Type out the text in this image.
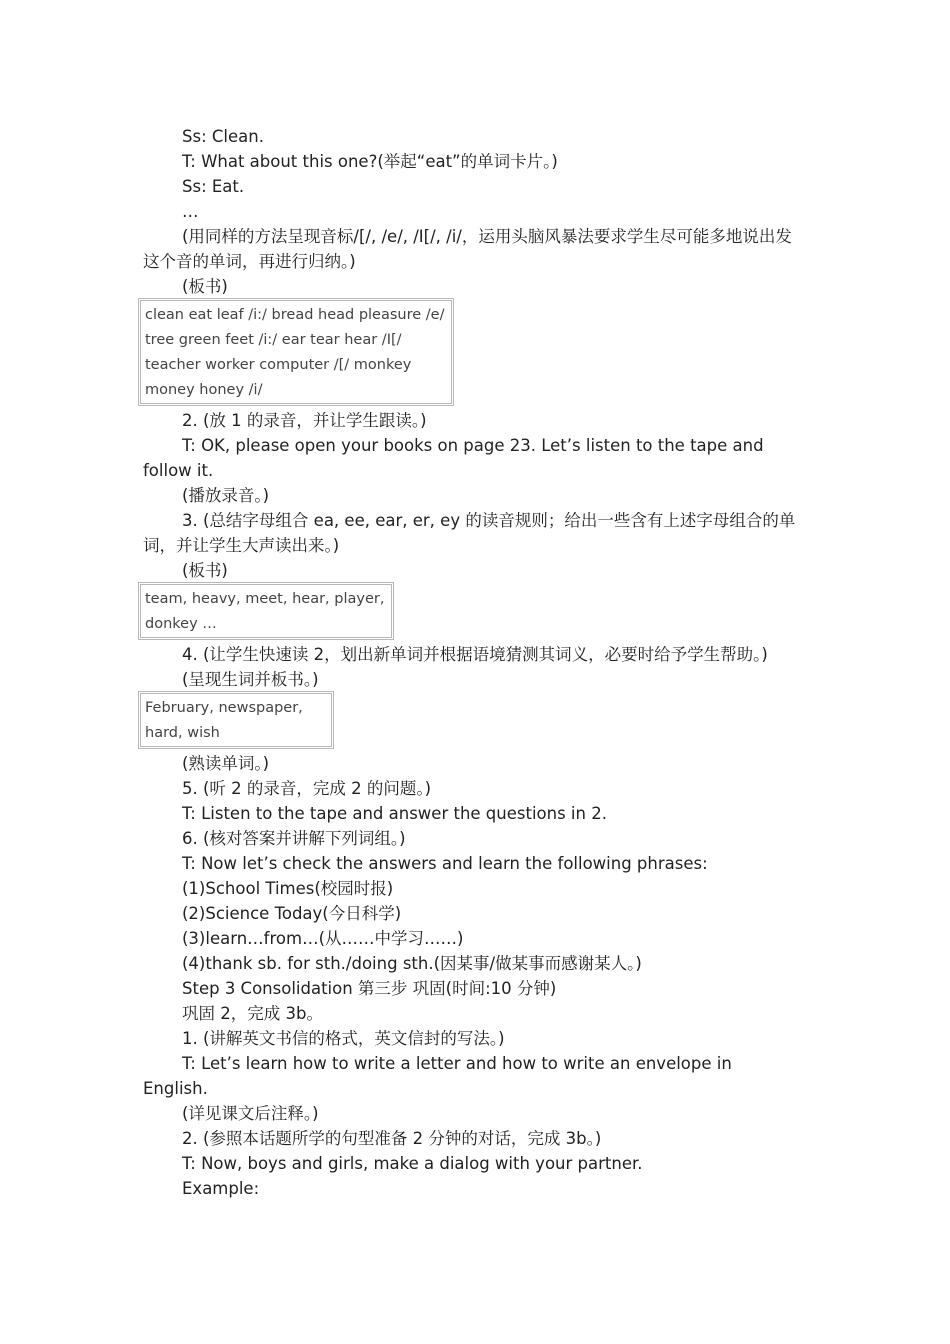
Ss: Clean.
T: What about this one?(举起“eat”的单词卡片。)
Ss: Eat.
…
(用同样的方法呈现音标/[/, /e/, /I[/, /i/，运用头脑风暴法要求学生尽可能多地说出发
这个音的单词，再进行归纳。)
(板书)
clean eat leaf /i:/ bread head pleasure /e/
tree green feet /i:/ ear tear hear /I[/
teacher worker computer /[/ monkey
money honey /i/
2. (放 1 的录音，并让学生跟读。)
T: OK, please open your books on page 23. Let’s listen to the tape and
follow it.
(播放录音。)
3. (总结字母组合 ea, ee, ear, er, ey 的读音规则；给出一些含有上述字母组合的单
词，并让学生大声读出来。)
(板书)
team, heavy, meet, hear, player,
donkey …
4. (让学生快速读 2，划出新单词并根据语境猜测其词义，必要时给予学生帮助。)
(呈现生词并板书。)
February, newspaper,
hard, wish
(熟读单词。)
5. (听 2 的录音，完成 2 的问题。)
T: Listen to the tape and answer the questions in 2.
6. (核对答案并讲解下列词组。)
T: Now let’s check the answers and learn the following phrases:
(1)School Times(校园时报)
(2)Science Today(今日科学)
(3)learn…from…(从……中学习……)
(4)thank sb. for sth./doing sth.(因某事/做某事而感谢某人。)
Step 3 Consolidation 第三步 巩固(时间:10 分钟)
巩固 2，完成 3b。
1. (讲解英文书信的格式，英文信封的写法。)
T: Let’s learn how to write a letter and how to write an envelope in
English.
(详见课文后注释。)
2. (参照本话题所学的句型准备 2 分钟的对话，完成 3b。)
T: Now, boys and girls, make a dialog with your partner.
Example:
